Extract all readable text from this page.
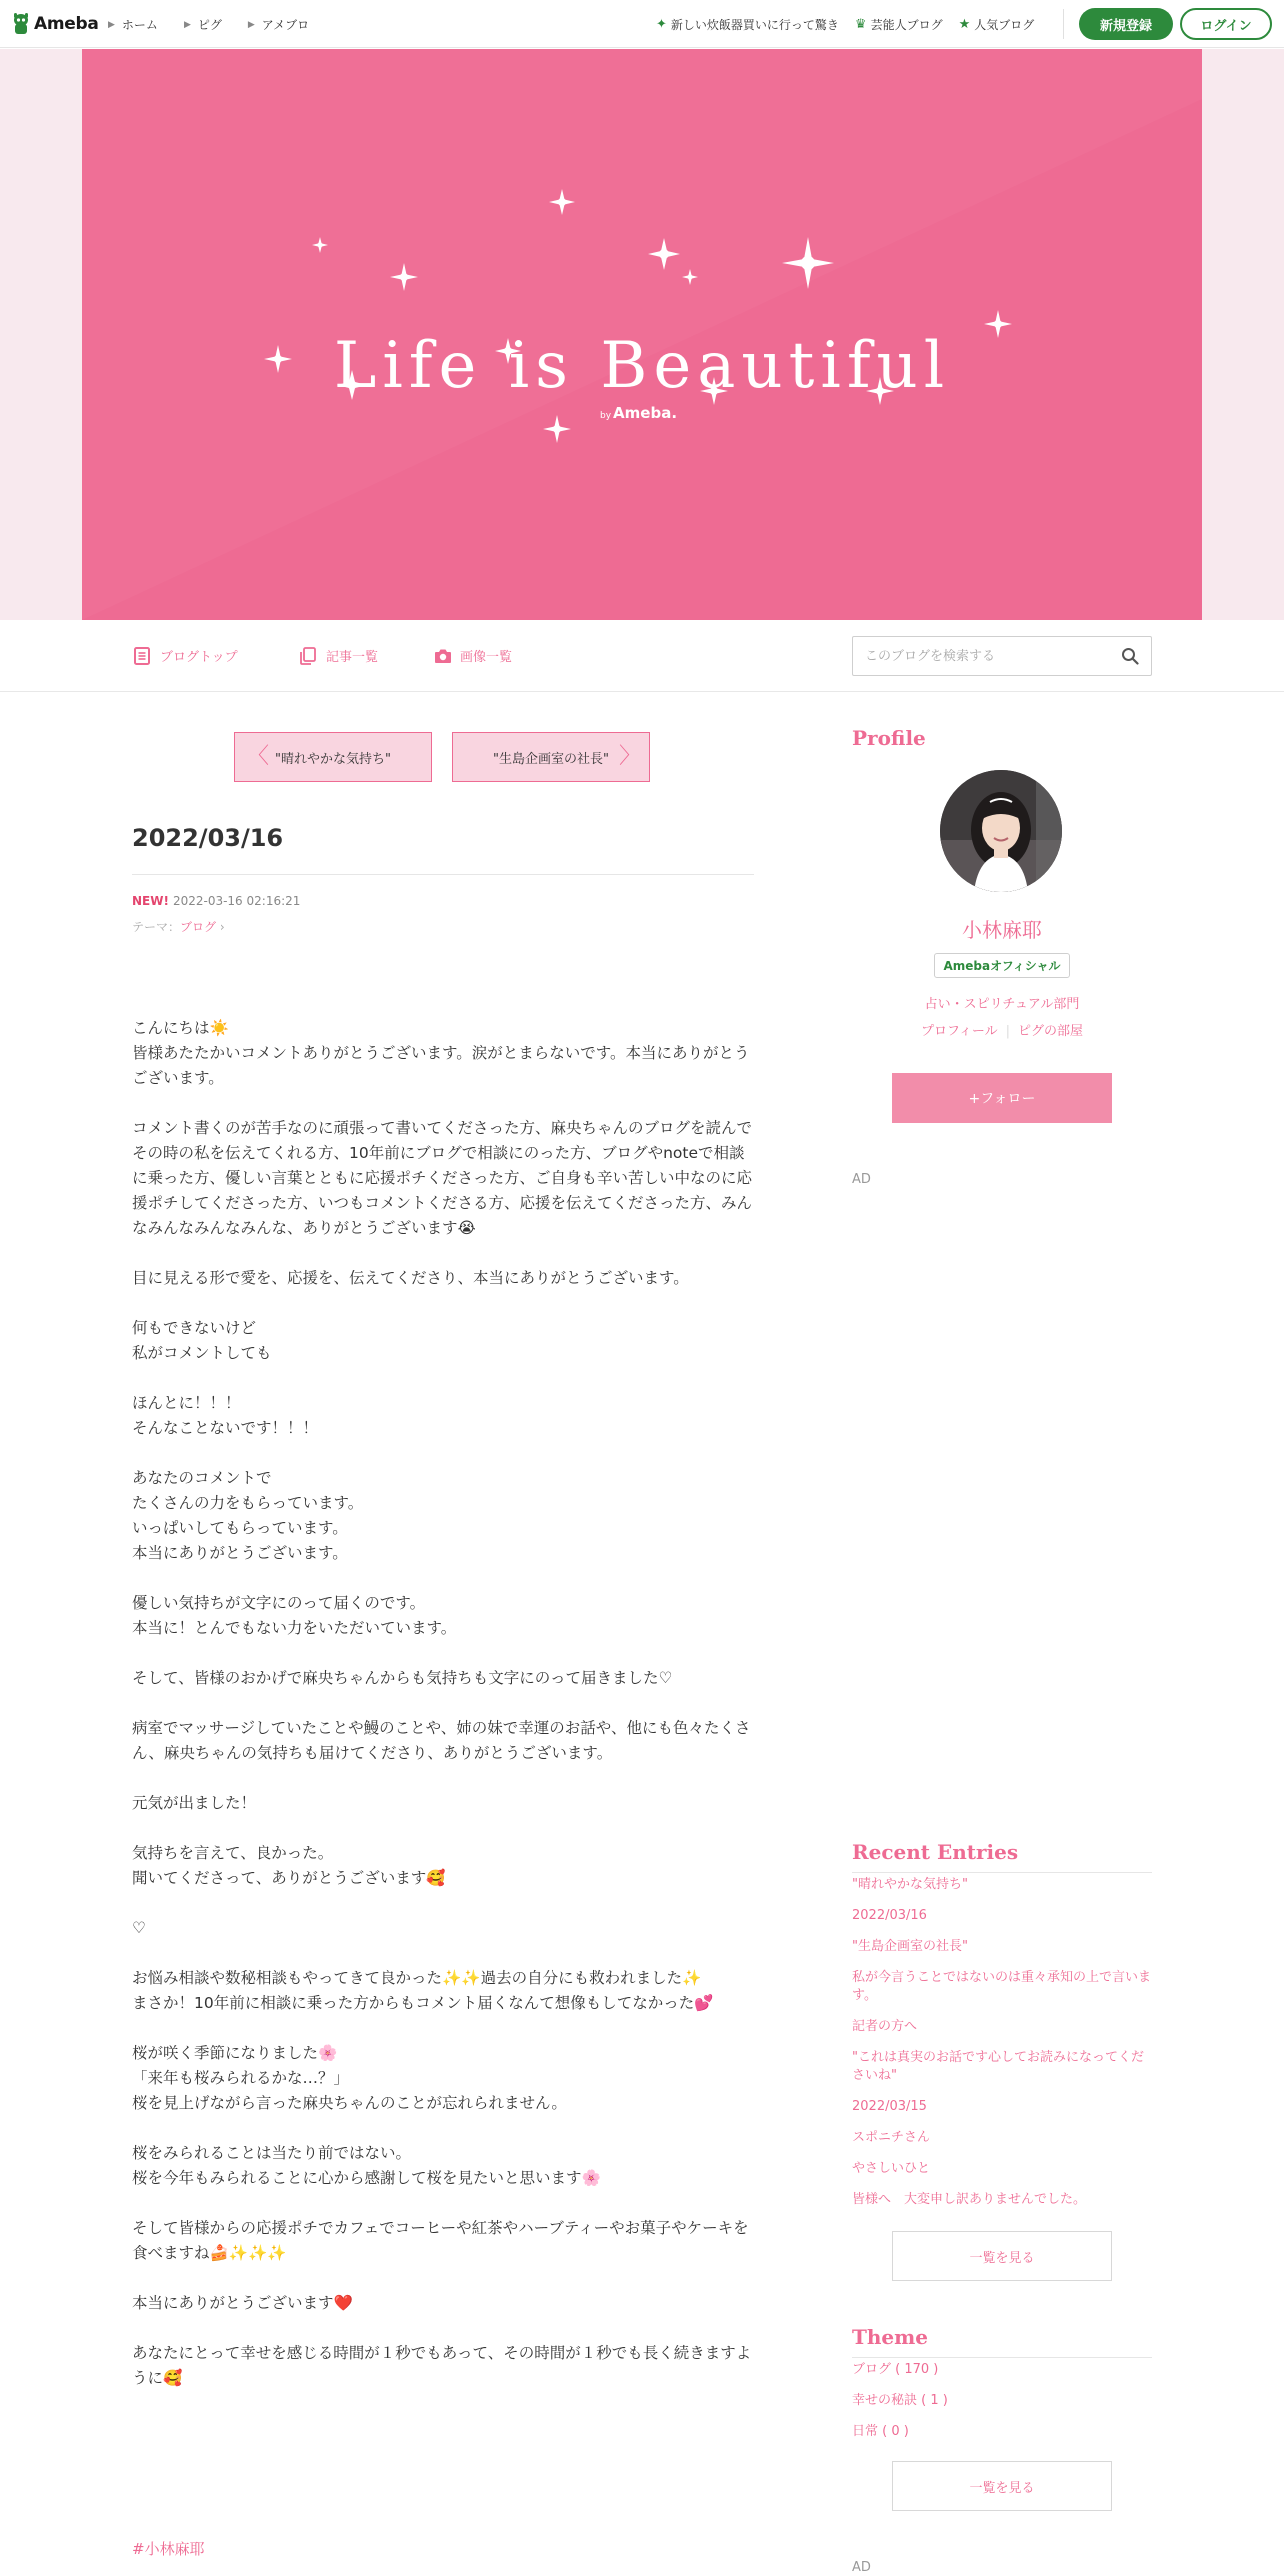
Ameba ▶ ホーム	▶ ピグ	▶ アメブロ	✦ 新しい炊飯器買いに行って驚き ♛ 芸能人ブログ ★ 人気ブログ	新規登録	ログイン
Life is Beautiful
by Ameba.
ブログトップ	記事一覧	画像一覧
このブログを検索する
〈 "晴れやかな気持ち"	"生島企画室の社長" 〉
2022/03/16
NEW! 2022-03-16 02:16:21
テーマ：ブログ ›

こんにちは☀️
皆様あたたかいコメントありがとうございます。涙がとまらないです。本当にありがとうございます。

コメント書くのが苦手なのに頑張って書いてくださった方、麻央ちゃんのブログを読んでその時の私を伝えてくれる方、10年前にブログで相談にのった方、ブログやnoteで相談に乗った方、優しい言葉とともに応援ポチくださった方、ご自身も辛い苦しい中なのに応援ポチしてくださった方、いつもコメントくださる方、応援を伝えてくださった方、みんなみんなみんなみんな、ありがとうございます😭

目に見える形で愛を、応援を、伝えてくださり、本当にありがとうございます。

何もできないけど
私がコメントしても

ほんとに！！！
そんなことないです！！！

あなたのコメントで
たくさんの力をもらっています。
いっぱいしてもらっています。
本当にありがとうございます。

優しい気持ちが文字にのって届くのです。
本当に！とんでもない力をいただいています。

そして、皆様のおかげで麻央ちゃんからも気持ちも文字にのって届きました♡

病室でマッサージしていたことや鰻のことや、姉の妹で幸運のお話や、他にも色々たくさん、麻央ちゃんの気持ちも届けてくださり、ありがとうございます。

元気が出ました！

気持ちを言えて、良かった。
聞いてくださって、ありがとうございます🥰

♡

お悩み相談や数秘相談もやってきて良かった✨✨過去の自分にも救われました✨
まさか！10年前に相談に乗った方からもコメント届くなんて想像もしてなかった💕

桜が咲く季節になりました🌸
「来年も桜みられるかな…？」
桜を見上げながら言った麻央ちゃんのことが忘れられません。

桜をみられることは当たり前ではない。
桜を今年もみられることに心から感謝して桜を見たいと思います🌸

そして皆様からの応援ポチでカフェでコーヒーや紅茶やハーブティーやお菓子やケーキを食べますね🍰✨✨✨

本当にありがとうございます❤️

あなたにとって幸せを感じる時間が１秒でもあって、その時間が１秒でも長く続きますように🥰

#小林麻耶
Profile
小林麻耶
Amebaオフィシャル
占い・スピリチュアル部門
プロフィール | ピグの部屋
+フォロー
AD
Recent Entries
"晴れやかな気持ち"
2022/03/16
"生島企画室の社長"
私が今言うことではないのは重々承知の上で言います。
記者の方へ
"これは真実のお話です心してお読みになってくださいね"
2022/03/15
スポニチさん
やさしいひと
皆様へ　大変申し訳ありませんでした。
一覧を見る
Theme
ブログ ( 170 )
幸せの秘訣 ( 1 )
日常 ( 0 )
一覧を見る
AD
